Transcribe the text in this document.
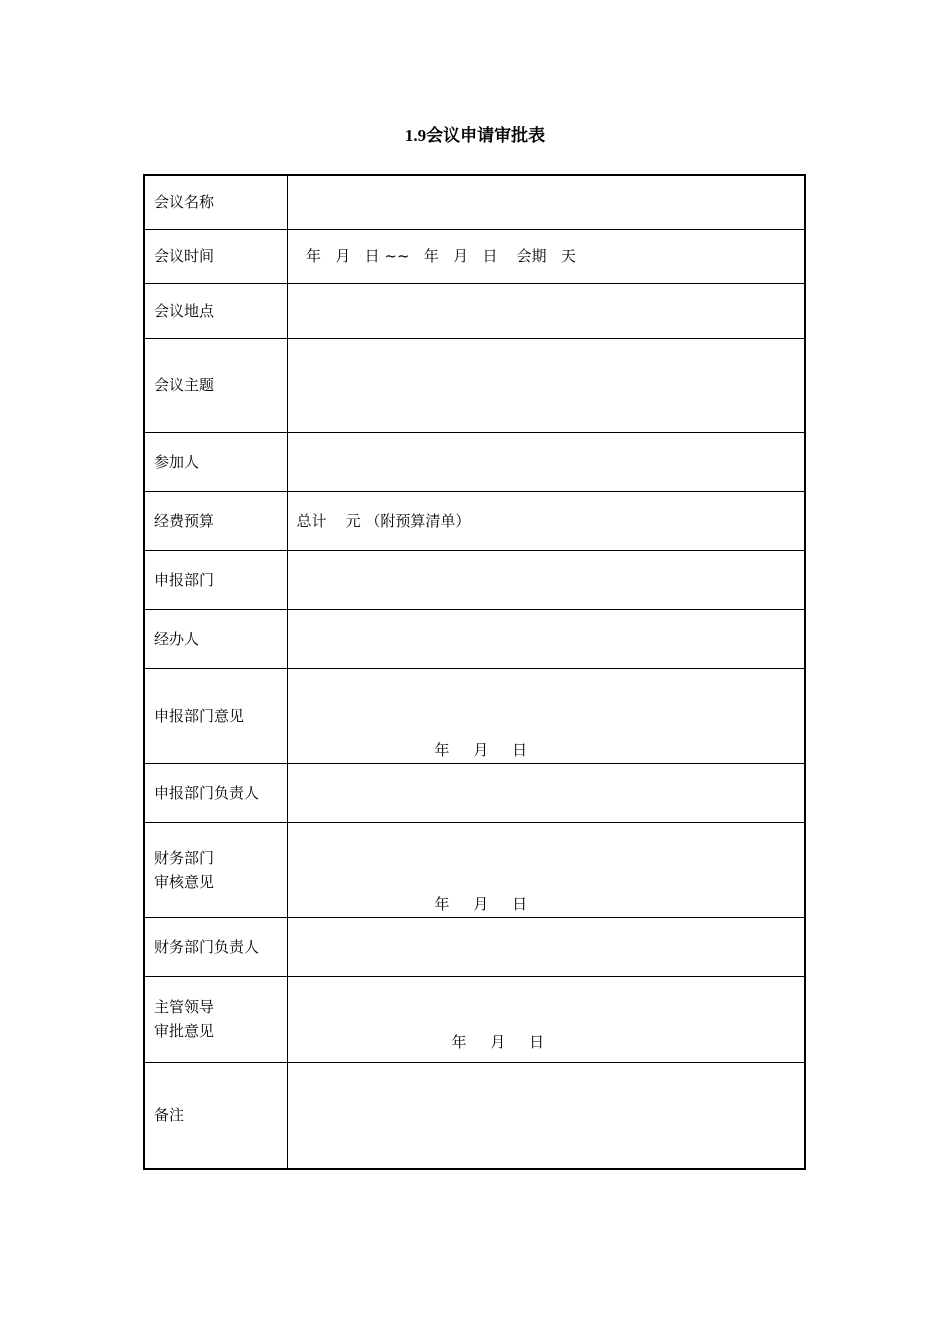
1.9会议申请审批表
会议名称	
会议时间	年   月   日 ~~   年   月   日    会期   天
会议地点	
会议主题	
参加人	
经费预算	总计    元 （附预算清单）
申报部门	
经办人	
申报部门意见	年     月     日

申报部门负责人	

财务部门
审核意见	年     月     日

财务部门负责人	

主管领导
审批意见	年     月     日

备注	
